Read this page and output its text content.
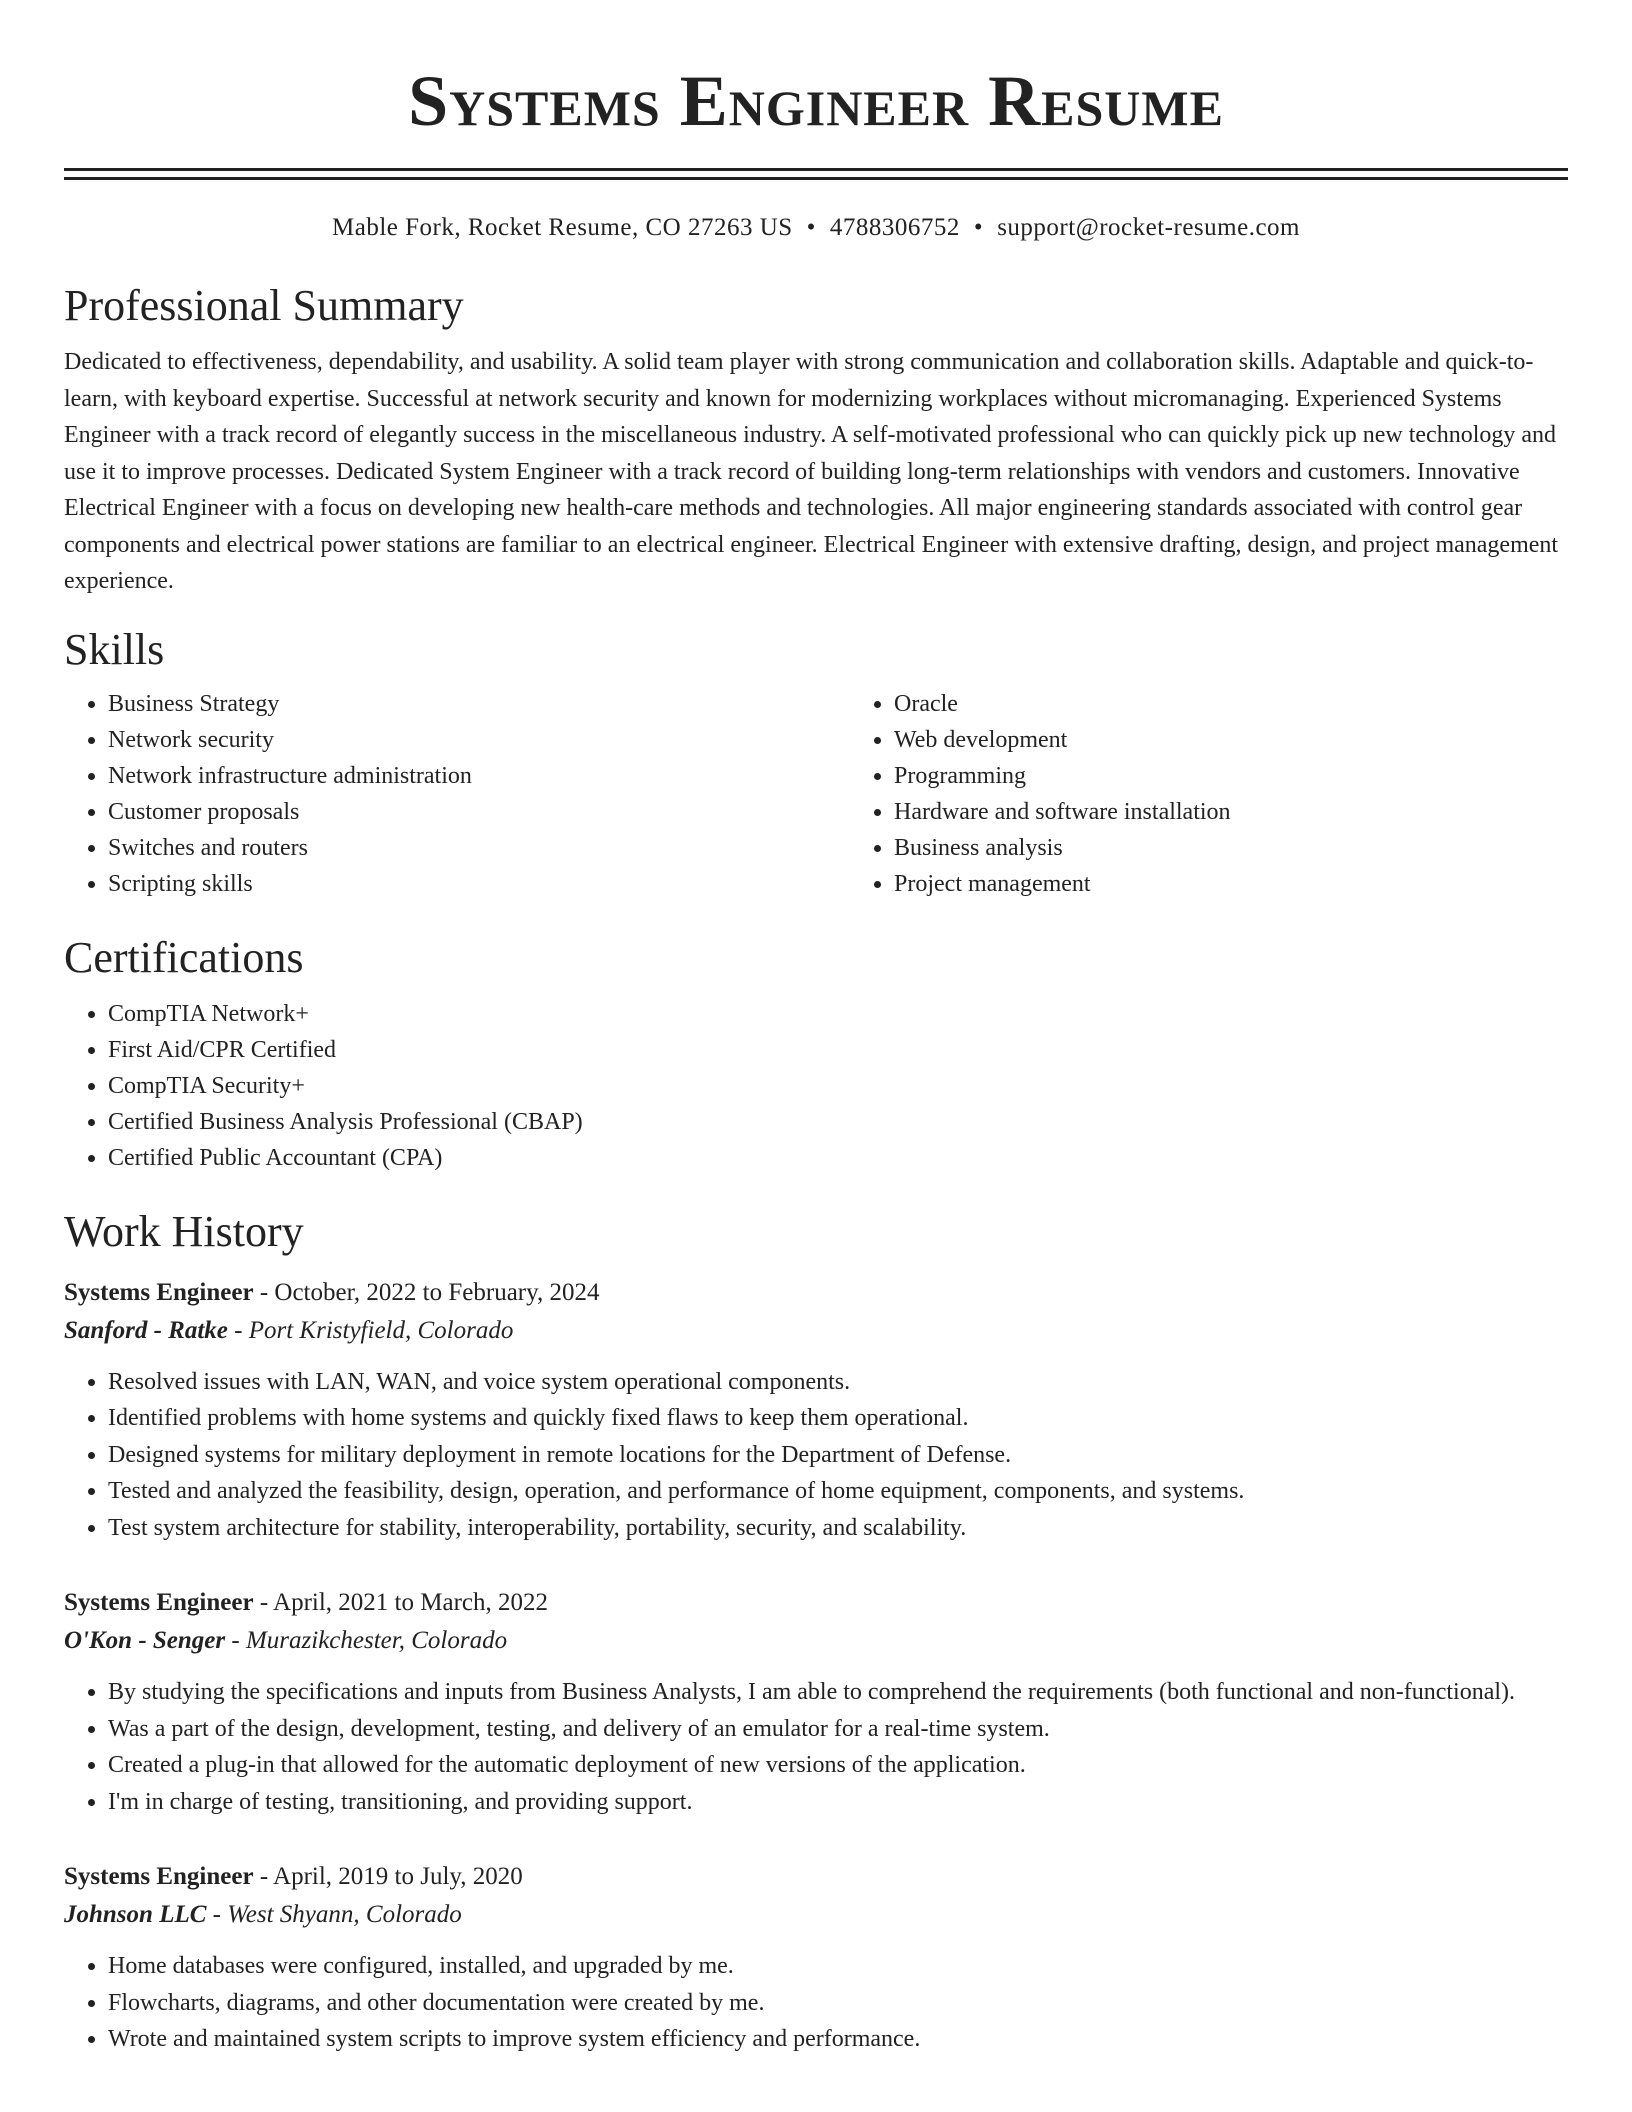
Systems Engineer Resume
Mable Fork, Rocket Resume, CO 27263 US • 4788306752 • support@rocket-resume.com
Professional Summary

Dedicated to effectiveness, dependability, and usability. A solid team player with strong communication and collaboration skills. Adaptable and quick-to-learn, with keyboard expertise. Successful at network security and known for modernizing workplaces without micromanaging. Experienced Systems Engineer with a track record of elegantly success in the miscellaneous industry. A self-motivated professional who can quickly pick up new technology and use it to improve processes. Dedicated System Engineer with a track record of building long-term relationships with vendors and customers. Innovative Electrical Engineer with a focus on developing new health-care methods and technologies. All major engineering standards associated with control gear components and electrical power stations are familiar to an electrical engineer. Electrical Engineer with extensive drafting, design, and project management experience.

Skills
• Business Strategy
• Network security
• Network infrastructure administration
• Customer proposals
• Switches and routers
• Scripting skills
• Oracle
• Web development
• Programming
• Hardware and software installation
• Business analysis
• Project management
Certifications
• CompTIA Network+
• First Aid/CPR Certified
• CompTIA Security+
• Certified Business Analysis Professional (CBAP)
• Certified Public Accountant (CPA)
Work History
Systems Engineer - October, 2022 to February, 2024
Sanford - Ratke - Port Kristyfield, Colorado
• Resolved issues with LAN, WAN, and voice system operational components.
• Identified problems with home systems and quickly fixed flaws to keep them operational.
• Designed systems for military deployment in remote locations for the Department of Defense.
• Tested and analyzed the feasibility, design, operation, and performance of home equipment, components, and systems.
• Test system architecture for stability, interoperability, portability, security, and scalability.
Systems Engineer - April, 2021 to March, 2022
O'Kon - Senger - Murazikchester, Colorado
• By studying the specifications and inputs from Business Analysts, I am able to comprehend the requirements (both functional and non-functional).
• Was a part of the design, development, testing, and delivery of an emulator for a real-time system.
• Created a plug-in that allowed for the automatic deployment of new versions of the application.
• I'm in charge of testing, transitioning, and providing support.
Systems Engineer - April, 2019 to July, 2020
Johnson LLC - West Shyann, Colorado
• Home databases were configured, installed, and upgraded by me.
• Flowcharts, diagrams, and other documentation were created by me.
• Wrote and maintained system scripts to improve system efficiency and performance.
